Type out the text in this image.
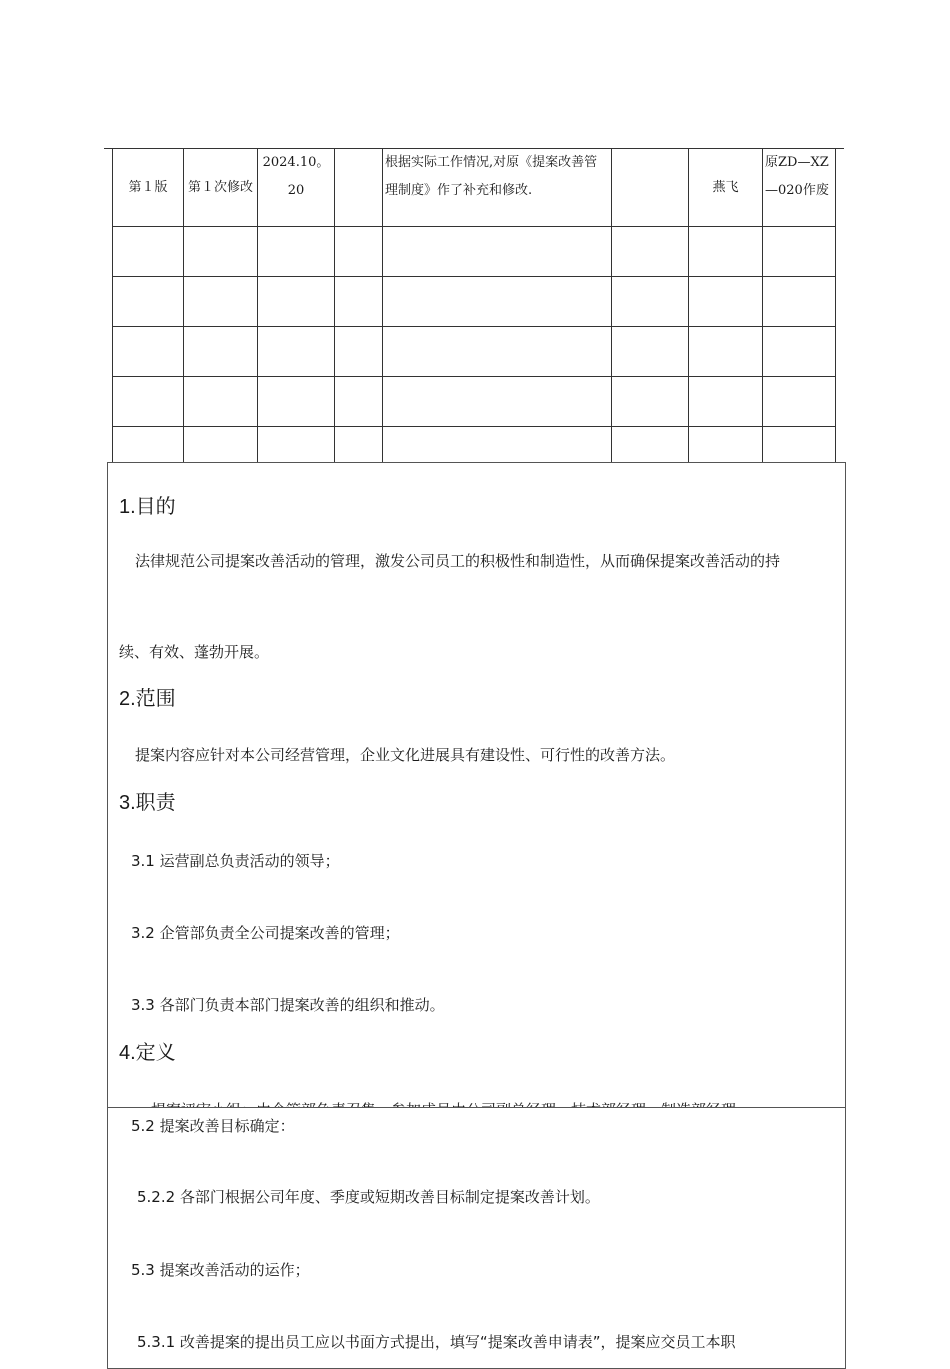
第１版	第１次修改	2024.10。20		根据实际工作情况,对原《提案改善管理制度》作了补充和修改.		燕飞	原ZD—XZ—020作废

1.目的
法律规范公司提案改善活动的管理，激发公司员工的积极性和制造性，从而确保提案改善活动的持
续、有效、蓬勃开展。
2.范围
提案内容应针对本公司经营管理，企业文化进展具有建设性、可行性的改善方法。
3.职责
3.1 运营副总负责活动的领导；
3.2 企管部负责全公司提案改善的管理；
3.3 各部门负责本部门提案改善的组织和推动。
4.定义
5.2 提案改善目标确定：
5.2.2 各部门根据公司年度、季度或短期改善目标制定提案改善计划。
5.3 提案改善活动的运作；
5.3.1 改善提案的提出员工应以书面方式提出，填写“提案改善申请表”，提案应交员工本职
